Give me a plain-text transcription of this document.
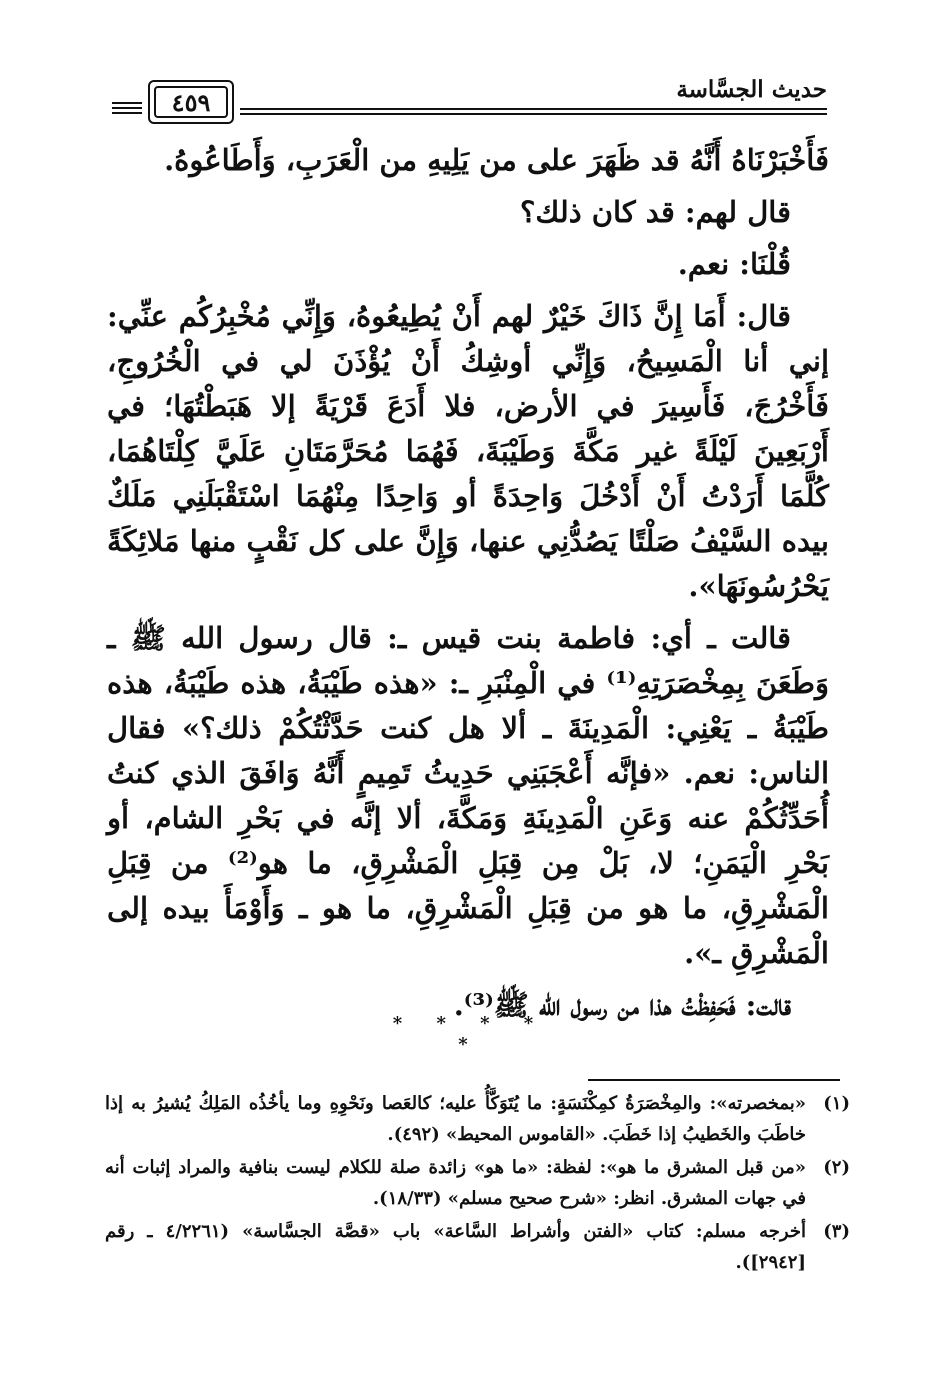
حديث الجسَّاسة
٤٥٩

فَأَخْبَرْنَاهُ أَنَّهُ قد ظَهَرَ على من يَلِيهِ من الْعَرَبِ، وَأَطَاعُوهُ.

قال لهم: قد كان ذلك؟

قُلْنَا: نعم.

قال: أَمَا إِنَّ ذَاكَ خَيْرٌ لهم أَنْ يُطِيعُوهُ، وَإِنِّي مُخْبِرُكُم عنِّي: إني أنا الْمَسِيحُ، وَإِنِّي أوشِكُ أَنْ يُؤْذَنَ لي في الْخُرُوجِ، فَأَخْرُجَ، فَأَسِيرَ في الأرض، فلا أَدَعَ قَرْيَةً إلا هَبَطْتُهَا؛ في أَرْبَعِينَ لَيْلَةً غير مَكَّةَ وَطَيْبَةَ، فَهُمَا مُحَرَّمَتَانِ عَلَيَّ كِلْتَاهُمَا، كُلَّمَا أَرَدْتُ أَنْ أَدْخُلَ وَاحِدَةً أو وَاحِدًا مِنْهُمَا اسْتَقْبَلَنِي مَلَكٌ بيده السَّيْفُ صَلْتًا يَصُدُّنِي عنها، وَإِنَّ على كل نَقْبٍ منها مَلائِكَةً يَحْرُسُونَهَا».

قالت ـ أي: فاطمة بنت قيس ـ: قال رسول الله ﷺ ـ وَطَعَنَ بِمِخْصَرَتِهِ⁽¹⁾ في الْمِنْبَرِ ـ: «هذه طَيْبَةُ، هذه طَيْبَةُ، هذه طَيْبَةُ ـ يَعْنِي: الْمَدِينَةَ ـ ألا هل كنت حَدَّثْتُكُمْ ذلك؟» فقال الناس: نعم. «فإنَّه أَعْجَبَنِي حَدِيثُ تَمِيمٍ أَنَّهُ وَافَقَ الذي كنتُ أُحَدِّثُكُمْ عنه وَعَنِ الْمَدِينَةِ وَمَكَّةَ، ألا إنَّه في بَحْرِ الشام، أو بَحْرِ الْيَمَنِ؛ لا، بَلْ مِن قِبَلِ الْمَشْرِقِ، ما هو⁽²⁾ من قِبَلِ الْمَشْرِقِ، ما هو من قِبَلِ الْمَشْرِقِ، ما هو ـ وَأَوْمَأَ بيده إلى الْمَشْرِقِ ـ».

قالت: فَحَفِظْتُ هذا من رسول الله ﷺ⁽³⁾.

* * * * *
(١)
«بمخصرته»: والمِخْصَرَةُ كمِكْنَسَةٍ: ما يُتَوَكَّأُ عليه؛ كالعَصا ونَحْوِهِ وما يأخُذُه المَلِكُ يُشيرُ به إذا خاطَبَ والخَطيبُ إذا خَطَبَ. «القاموس المحيط» (٤٩٢).
(٢)
«من قبل المشرق ما هو»: لفظة: «ما هو» زائدة صلة للكلام ليست بنافية والمراد إثبات أنه في جهات المشرق. انظر: «شرح صحيح مسلم» (١٨/٣٣).
(٣)
أخرجه مسلم: كتاب «الفتن وأشراط السَّاعة» باب «قصَّة الجسَّاسة» (٤/٢٢٦١ ـ رقم [٢٩٤٢]).
